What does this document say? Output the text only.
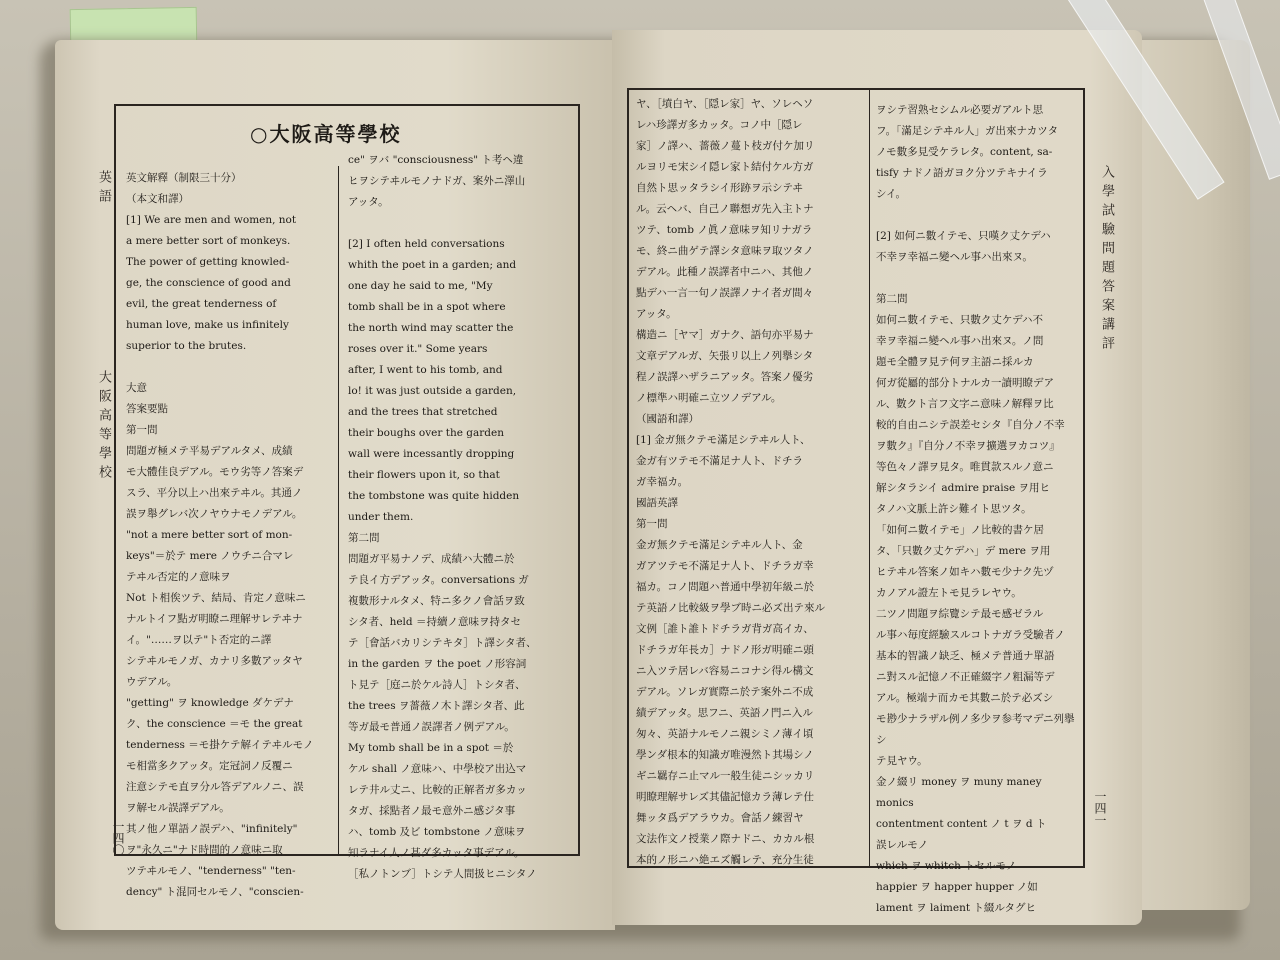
英語
大阪高等學校
一四〇
○大阪高等學校

英文解釋（制限三十分）

（本文和譯）

[1] We are men and women, not

a mere better sort of monkeys.

The power of getting knowled-

ge, the conscience of good and

evil, the great tenderness of

human love, make us infinitely

superior to the brutes.

大意

答案要點

第一問

問題ガ極メテ平易デアルタメ、成績

モ大體佳良デアル。モウ劣等ノ答案デ

スラ、平分以上ハ出來テヰル。其通ノ

誤ヲ舉グレバ次ノヤウナモノデアル。

"not a mere better sort of mon-

keys"＝於テ mere ノウチニ合マレ

テヰル否定的ノ意味ヲ

Not ト相俟ツテ、結局、肯定ノ意味ニ

ナルトイフ點ガ明瞭ニ理解サレテヰナ

イ。"……ヲ以テ"ト否定的ニ譯

シテヰルモノガ、カナリ多數アッタヤ

ウデアル。

"getting" ヲ knowledge ダケデナ

ク、the conscience ＝モ the great

tenderness ＝モ掛ケテ解イテヰルモノ

モ相當多クアッタ。定冠詞ノ反覆ニ

注意シテモ直ヲ分ル答デアルノニ、誤

ヲ解セル誤譯デアル。

其ノ他ノ單語ノ誤デハ、"infinitely"

ヲ"永久ニ"ナド時間的ノ意味ニ取

ツテヰルモノ、"tenderness" "ten-

dency" ト混同セルモノ、"conscien-

ce" ヲバ "consciousness" ト考ヘ違

ヒヲシテヰルモノナドガ、案外ニ澤山

アッタ。

[2] I often held conversations

whith the poet in a garden; and

one day he said to me, "My

tomb shall be in a spot where

the north wind may scatter the

roses over it." Some years

after, I went to his tomb, and

lo! it was just outside a garden,

and the trees that stretched

their boughs over the garden

wall were incessantly dropping

their flowers upon it, so that

the tombstone was quite hidden

under them.

第二問

問題ガ平易ナノデ、成績ハ大體ニ於

テ良イ方デアッタ。conversations ガ

複數形ナルタメ、特ニ多クノ會話ヲ致

シタ者、held ＝持續ノ意味ヲ持タセ

テ［會話バカリシテキタ］ト譯シタ者、

in the garden ヲ the poet ノ形容詞

ト見テ［庭ニ於ケル詩人］トシタ者、

the trees ヲ薔薇ノ木ト譯シタ者、此

等ガ最モ普通ノ誤譯者ノ例デアル。

My tomb shall be in a spot ＝於

ケル shall ノ意味ハ、中學校ア出込マ

レテ井ル丈ニ、比較的正解者ガ多カッ

タガ、採點者ノ最モ意外ニ感ジタ事

ハ、tomb 及ビ tombstone ノ意味ヲ

知ラナイ人ノ甚ダ多カッタ事デアル。

［私ノトンブ］トシテ人間扱ヒニシタノ

入學試驗問題答案講評
一四一

ヤ、［墳白ヤ、［隠レ家］ヤ、ソレヘソ

レハ珍譯ガ多カッタ。コノ中［隠レ

家］ノ譯ハ、薔薇ノ蔓ト枝ガ付ケ加リ

ルヨリモ宋シイ隠レ家ト結付ケル方ガ

自然ト思ッタラシイ形跡ヲ示シテヰ

ル。云ヘバ、自己ノ聯想ガ先入主トナ

ツテ、tomb ノ眞ノ意味ヲ知リナガラ

モ、終ニ曲ゲテ譯シタ意味ヲ取ツタノ

デアル。此種ノ誤譯者中ニハ、其他ノ

點デハ一言一句ノ誤譯ノナイ者ガ間々

アッタ。

構造ニ［ヤマ］ガナク、語句亦平易ナ

文章デアルガ、矢張リ以上ノ列擧シタ

程ノ誤譯ハザラニアッタ。答案ノ優劣

ノ標準ハ明確ニ立ツノデアル。

（國語和譯）

[1] 金ガ無クテモ滿足シテヰル人ト、

金ガ有ツテモ不滿足ナ人ト、ドチラ

ガ幸福カ。

國語英譯

第一問

金ガ無クテモ滿足シテヰル人ト、金

ガアツテモ不滿足ナ人ト、ドチラガ幸

福カ。コノ問題ハ普通中學初年級ニ於

テ英語ノ比較級ヲ學ブ時ニ必ズ出テ來ル

文例［誰ト誰トドチラガ背ガ高イカ、

ドチラガ年長カ］ナドノ形ガ明確ニ頭

ニ入ツテ居レバ容易ニコナシ得ル構文

デアル。ソレガ實際ニ於テ案外ニ不成

績デアッタ。思フニ、英語ノ門ニ入ル

匆々、英語ナルモノニ親シミノ薄イ頃

學ンダ根本的知識ガ唯漫然ト其場シノ

ギニ羈存ニ止マル一般生徒ニシッカリ

明瞭理解サレズ其儘記憶カラ薄レテ仕

舞ッタ爲デアラウカ。會話ノ練習ヤ

文法作文ノ授業ノ際ナドニ、カカル根

本的ノ形ニハ絶エズ觸レテ、充分生徒

ヲシテ習熟セシムル必要ガアルト思

フ。「滿足シテヰル人」ガ出來ナカツタ

ノモ數多見受ケラレタ。content, sa-

tisfy ナドノ語ガヨク分ツテキナイラ

シイ。

[2] 如何ニ數イテモ、只嘆ク丈ケデハ

不幸ヲ幸福ニ變ヘル事ハ出來ヌ。

第二問

如何ニ數イテモ、只數ク丈ケデハ不

幸ヲ幸福ニ變ヘル事ハ出來ヌ。ノ問

題モ全體ヲ見テ何ヲ主語ニ採ルカ

何ガ從屬的部分トナルカ一讀明瞭デア

ル、數クト言フ文字ニ意味ノ解釋ヲ比

較的自由ニシテ誤差セシタ『自分ノ不幸

ヲ數ク』『自分ノ不幸ヲ擴選ヲカコツ』

等色々ノ譯ヲ見タ。唯貫款スルノ意ニ

解シタラシイ admire praise ヲ用ヒ

タノハ文脈上許シ難イト思ツタ。

「如何ニ數イテモ」ノ比較的書ケ居

タ、「只數ク丈ケデハ」デ mere ヲ用

ヒテヰル答案ノ如キハ數モ少ナク先ヅ

カノアル證左トモ見ラレヤウ。

二ツノ問題ヲ綜覽シテ最モ感ゼラル

ル事ハ毎度經驗スルコトナガラ受驗者ノ

基本的智識ノ缺乏、極メテ普通ナ單語

ニ對スル記憶ノ不正確綴字ノ粗漏等デ

アル。極端ナ而カモ其數ニ於テ必ズシ

モ尠少ナラザル例ノ多少ヲ参考マデニ列擧シ

テ見ヤウ。

金ノ綴リ money ヲ muny maney

monics

contentment content ノ t ヲ d ト

誤レルモノ

which ヲ whitch トセルモノ

happier ヲ happer hupper ノ如

lament ヲ laiment ト綴ルタグヒ
